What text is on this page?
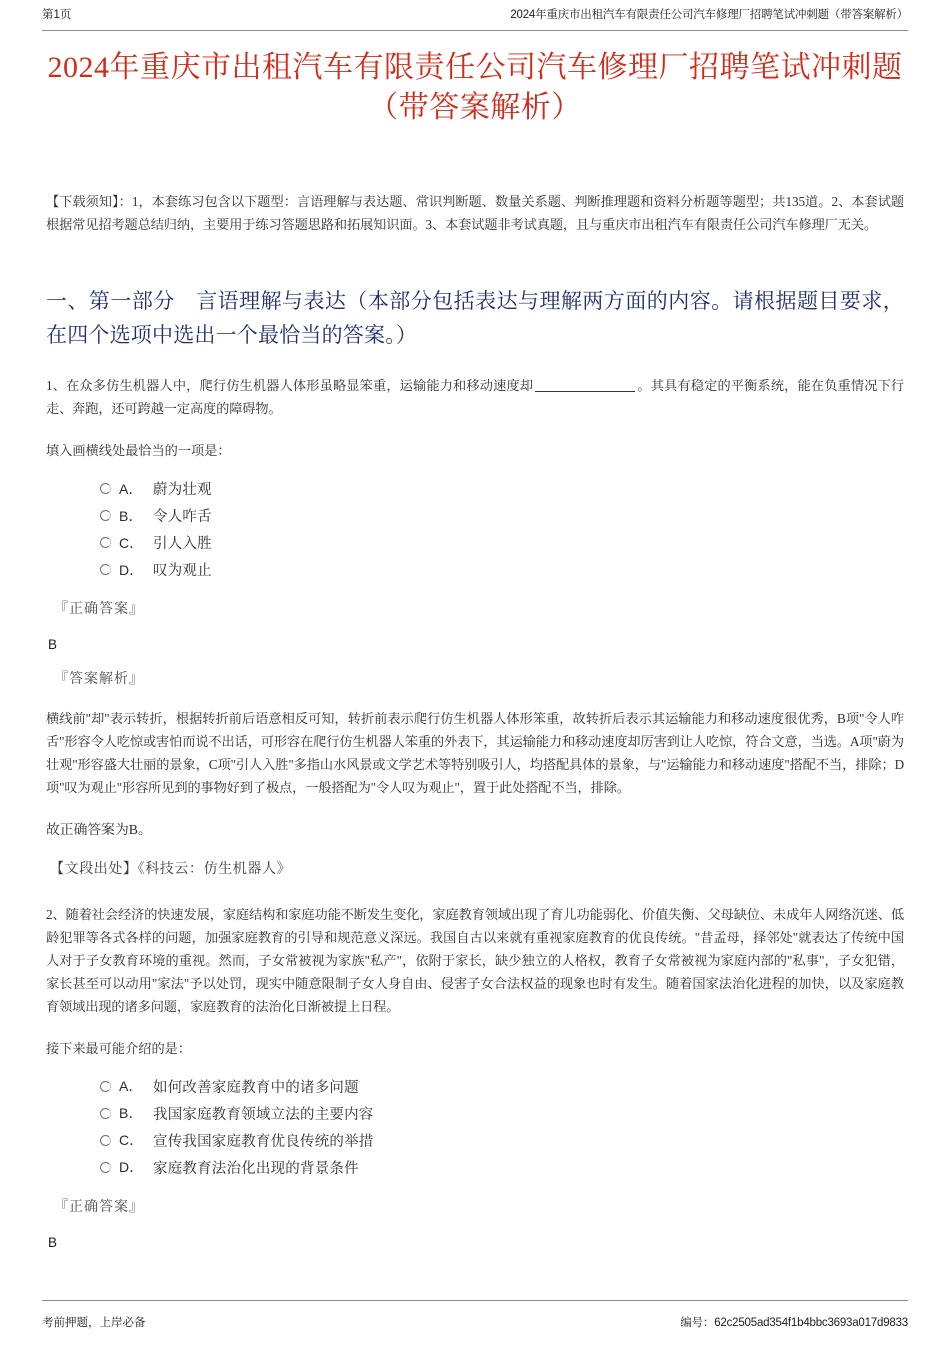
第1页	2024年重庆市出租汽车有限责任公司汽车修理厂招聘笔试冲刺题（带答案解析）
2024年重庆市出租汽车有限责任公司汽车修理厂招聘笔试冲刺题（带答案解析）

【下载须知】：1，本套练习包含以下题型：言语理解与表达题、常识判断题、数量关系题、判断推理题和资料分析题等题型；共135道。2、本套试题根据常见招考题总结归纳，主要用于练习答题思路和拓展知识面。3、本套试题非考试真题，且与重庆市出租汽车有限责任公司汽车修理厂无关。

一、第一部分　言语理解与表达（本部分包括表达与理解两方面的内容。请根据题目要求，在四个选项中选出一个最恰当的答案。）

1、在众多仿生机器人中，爬行仿生机器人体形虽略显笨重，运输能力和移动速度却	。其具有稳定的平衡系统，能在负重情况下行走、奔跑，还可跨越一定高度的障碍物。

填入画横线处最恰当的一项是：

A． 蔚为壮观
B． 令人咋舌
C． 引人入胜
D． 叹为观止

『正确答案』

B

『答案解析』

横线前"却"表示转折，根据转折前后语意相反可知，转折前表示爬行仿生机器人体形笨重，故转折后表示其运输能力和移动速度很优秀，B项"令人咋舌"形容令人吃惊或害怕而说不出话，可形容在爬行仿生机器人笨重的外表下，其运输能力和移动速度却厉害到让人吃惊，符合文意，当选。A项"蔚为壮观"形容盛大壮丽的景象，C项"引人入胜"多指山水风景或文学艺术等特别吸引人，均搭配具体的景象，与"运输能力和移动速度"搭配不当，排除；D项"叹为观止"形容所见到的事物好到了极点，一般搭配为"令人叹为观止"，置于此处搭配不当，排除。

故正确答案为B。

【文段出处】《科技云：仿生机器人》

2、随着社会经济的快速发展，家庭结构和家庭功能不断发生变化，家庭教育领域出现了育儿功能弱化、价值失衡、父母缺位、未成年人网络沉迷、低龄犯罪等各式各样的问题，加强家庭教育的引导和规范意义深远。我国自古以来就有重视家庭教育的优良传统。"昔孟母，择邻处"就表达了传统中国人对于子女教育环境的重视。然而，子女常被视为家族"私产"，依附于家长，缺少独立的人格权，教育子女常被视为家庭内部的"私事"，子女犯错，家长甚至可以动用"家法"予以处罚，现实中随意限制子女人身自由、侵害子女合法权益的现象也时有发生。随着国家法治化进程的加快，以及家庭教育领域出现的诸多问题，家庭教育的法治化日渐被提上日程。

接下来最可能介绍的是：

A． 如何改善家庭教育中的诸多问题
B． 我国家庭教育领域立法的主要内容
C． 宣传我国家庭教育优良传统的举措
D． 家庭教育法治化出现的背景条件

『正确答案』

B

考前押题，上岸必备	编号：62c2505ad354f1b4bbc3693a017d9833
